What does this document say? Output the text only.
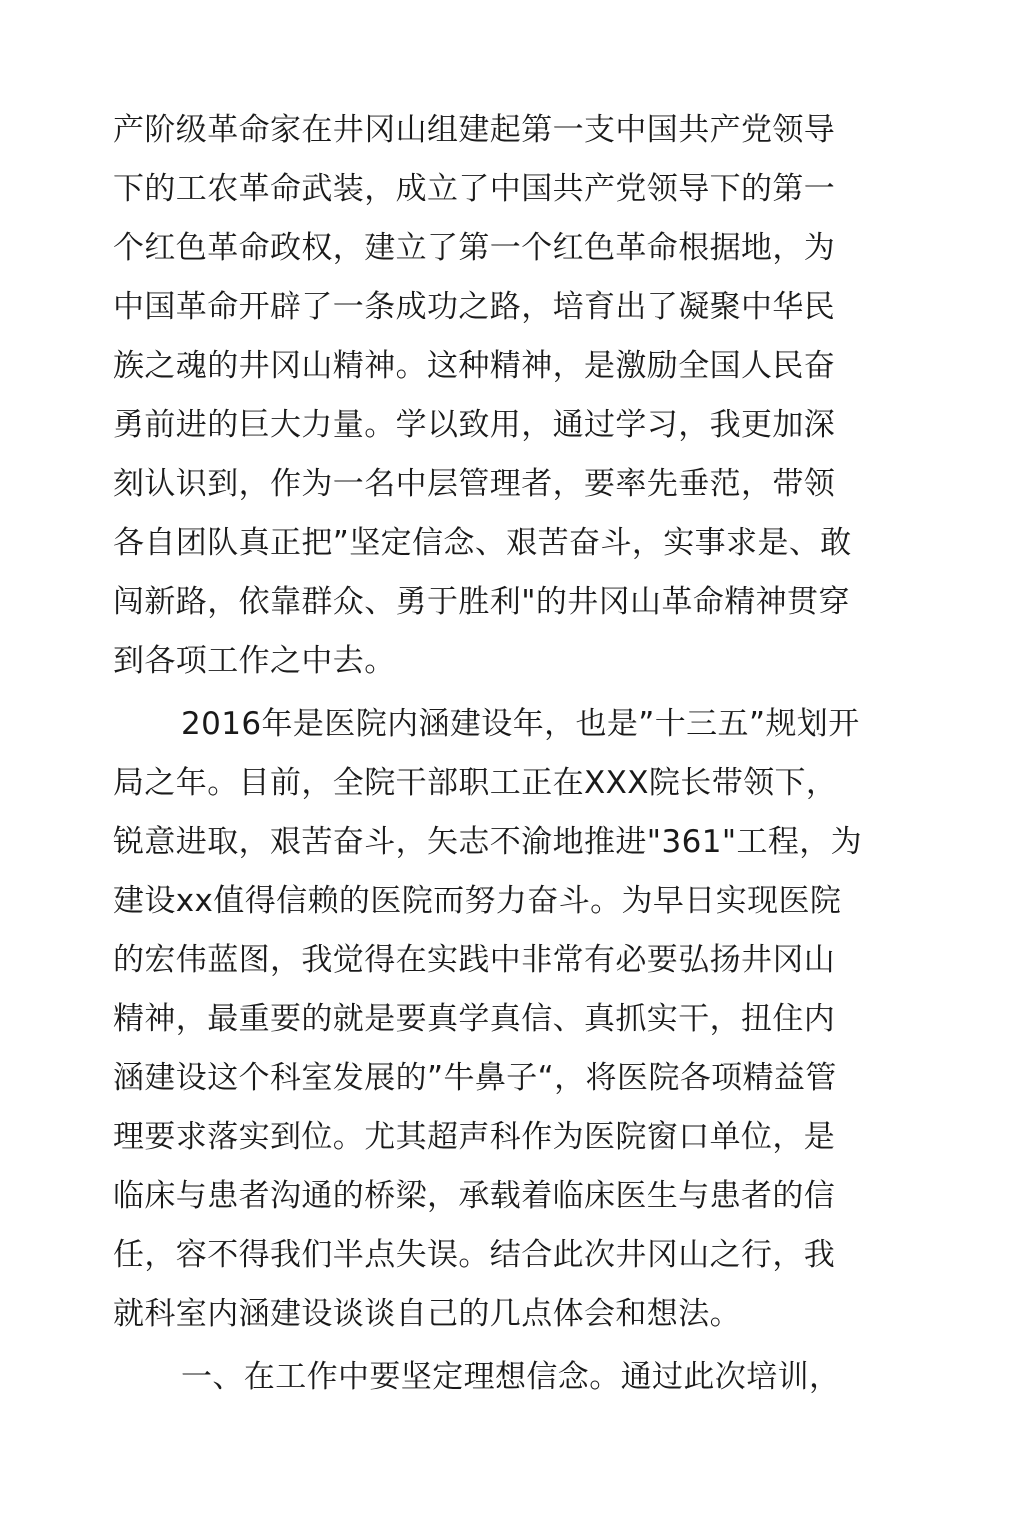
产阶级革命家在井冈山组建起第一支中国共产党领导
下的工农革命武装，成立了中国共产党领导下的第一
个红色革命政权，建立了第一个红色革命根据地，为
中国革命开辟了一条成功之路，培育出了凝聚中华民
族之魂的井冈山精神。这种精神，是激励全国人民奋
勇前进的巨大力量。学以致用，通过学习，我更加深
刻认识到，作为一名中层管理者，要率先垂范，带领
各自团队真正把”坚定信念、艰苦奋斗，实事求是、敢
闯新路，依靠群众、勇于胜利"的井冈山革命精神贯穿
到各项工作之中去。
2016年是医院内涵建设年，也是”十三五”规划开
局之年。目前，全院干部职工正在XXX院长带领下，
锐意进取，艰苦奋斗，矢志不渝地推进"361"工程，为
建设xx值得信赖的医院而努力奋斗。为早日实现医院
的宏伟蓝图，我觉得在实践中非常有必要弘扬井冈山
精神，最重要的就是要真学真信、真抓实干，扭住内
涵建设这个科室发展的”牛鼻子“，将医院各项精益管
理要求落实到位。尤其超声科作为医院窗口单位，是
临床与患者沟通的桥梁，承载着临床医生与患者的信
任，容不得我们半点失误。结合此次井冈山之行，我
就科室内涵建设谈谈自己的几点体会和想法。
一、在工作中要坚定理想信念。通过此次培训，
